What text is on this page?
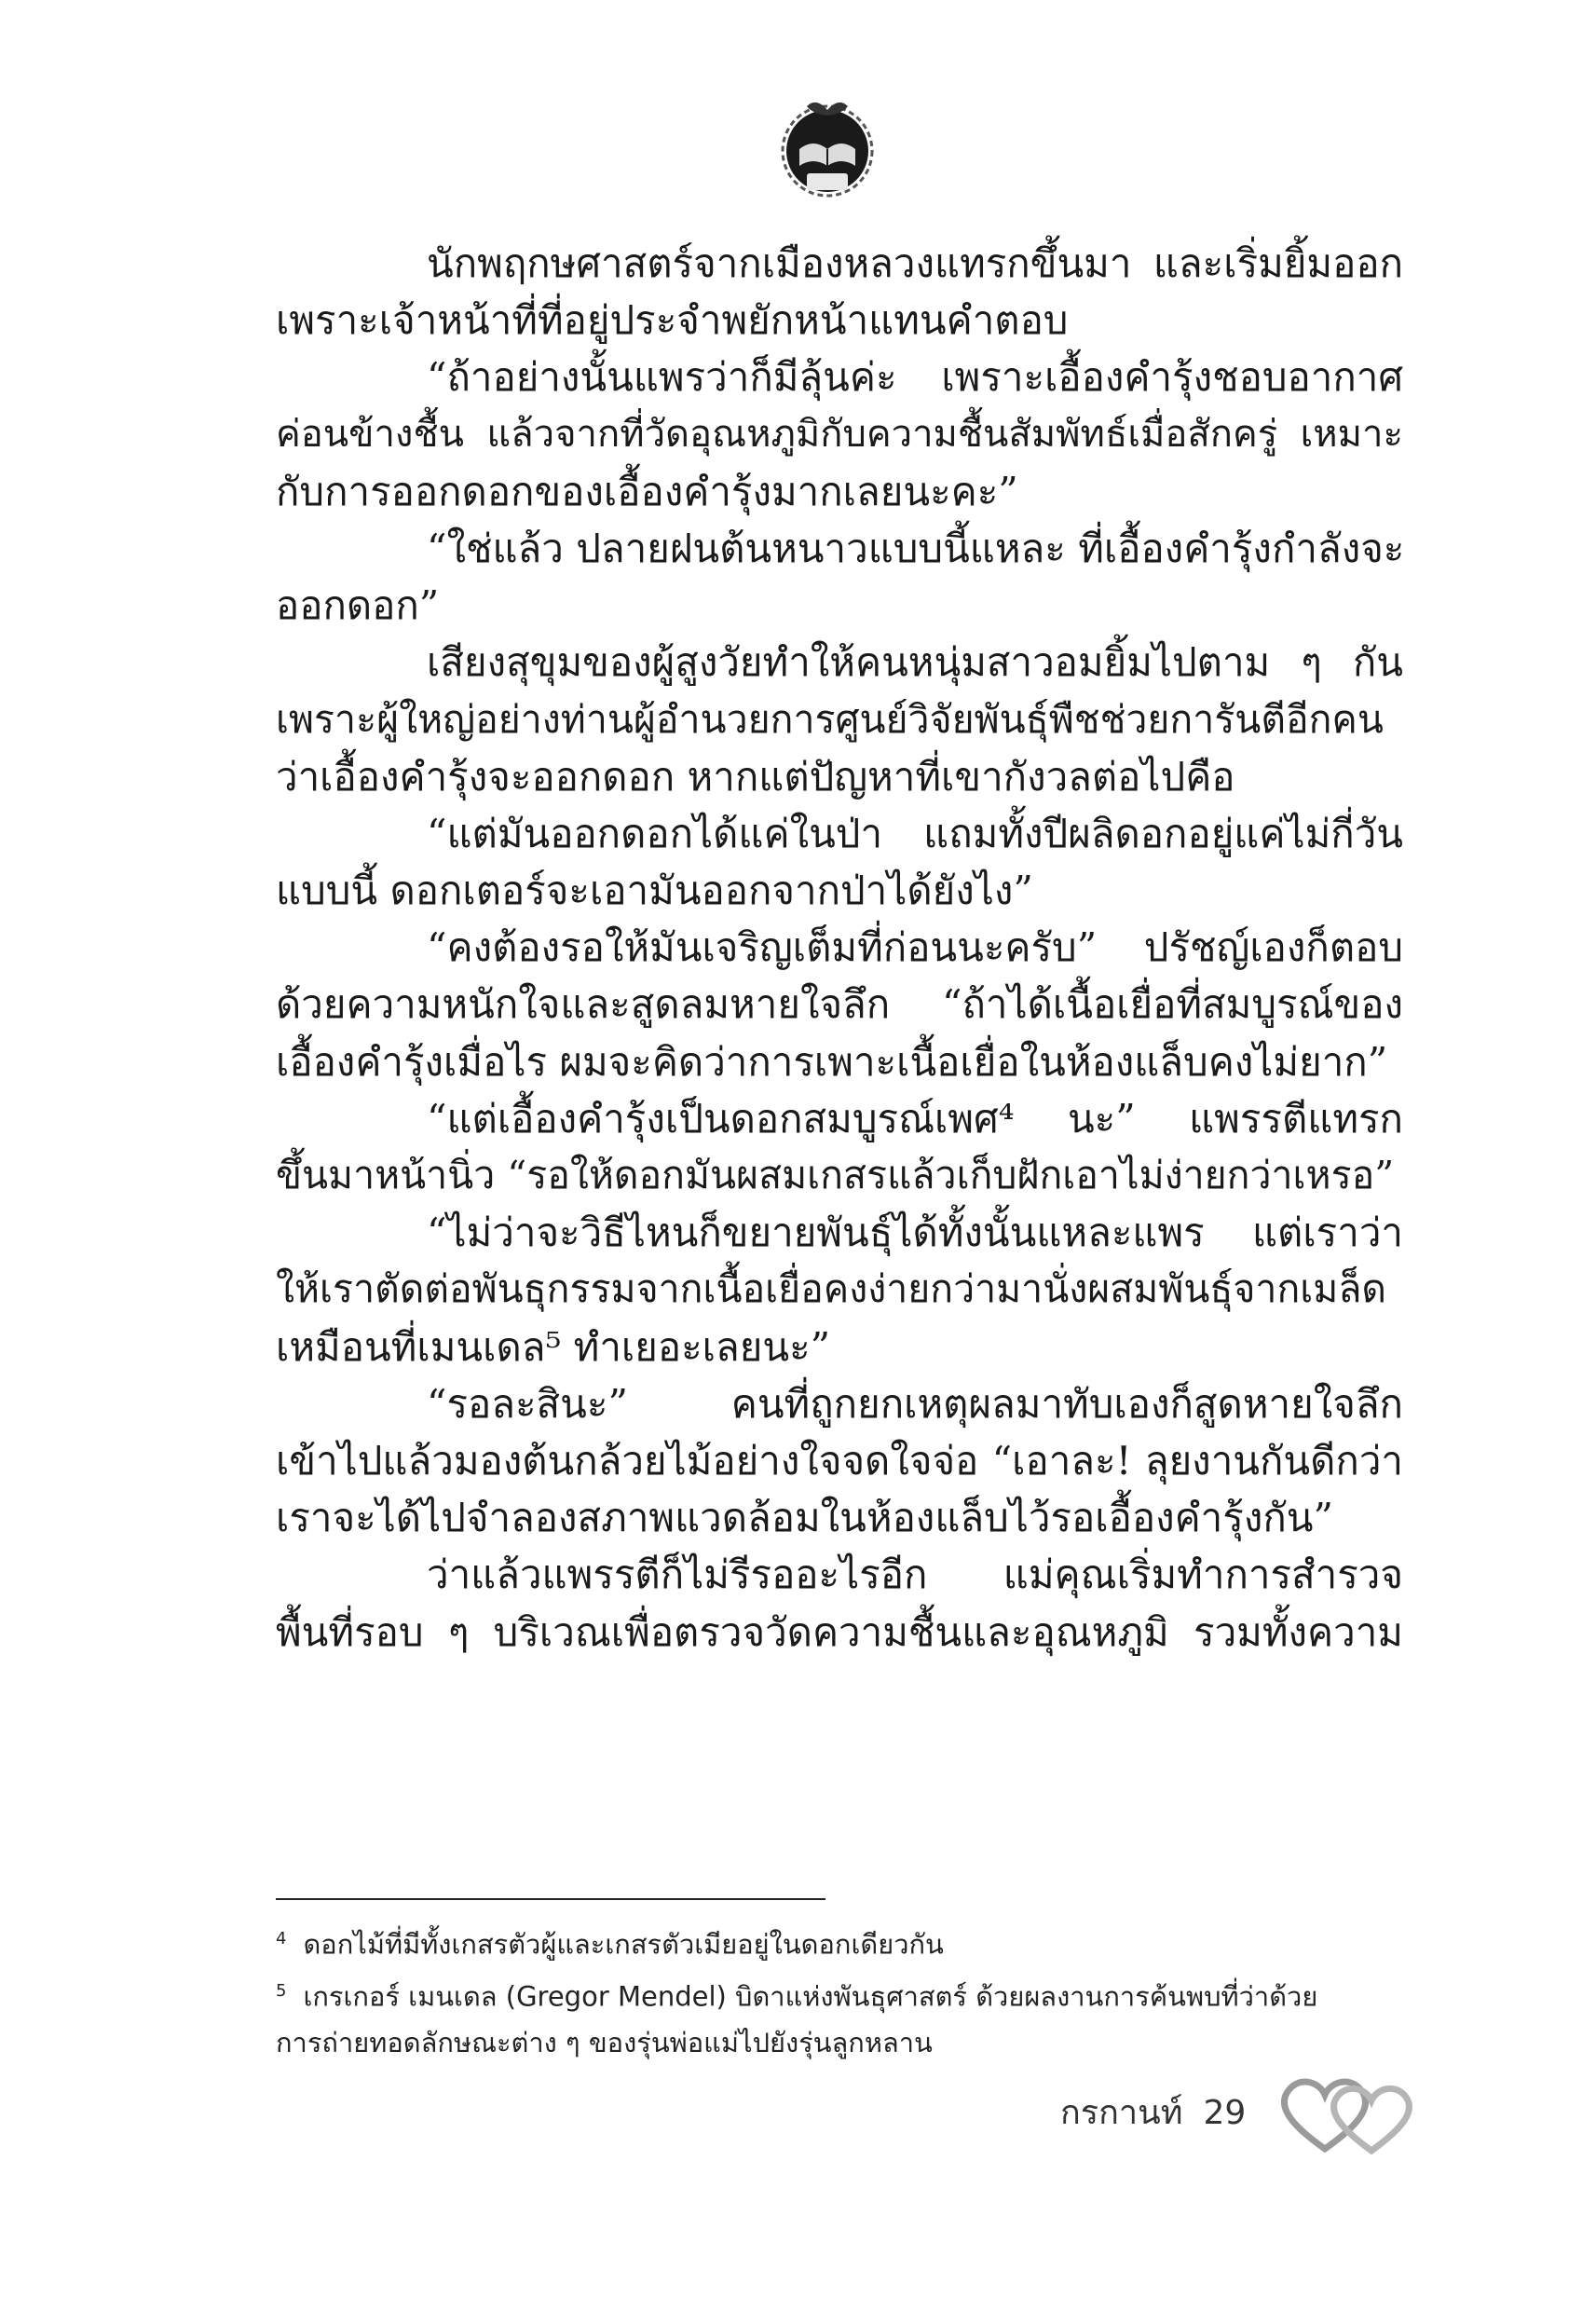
นักพฤกษศาสตร์จากเมืองหลวงแทรกขึ้นมา และเริ่มยิ้มออก
เพราะเจ้าหน้าที่ที่อยู่ประจำพยักหน้าแทนคำตอบ
“ถ้าอย่างนั้นแพรว่าก็มีลุ้นค่ะ เพราะเอื้องคำรุ้งชอบอากาศ
ค่อนข้างชื้น แล้วจากที่วัดอุณหภูมิกับความชื้นสัมพัทธ์เมื่อสักครู่ เหมาะ
กับการออกดอกของเอื้องคำรุ้งมากเลยนะคะ”
“ใช่แล้ว ปลายฝนต้นหนาวแบบนี้แหละ ที่เอื้องคำรุ้งกำลังจะ
ออกดอก”
เสียงสุขุมของผู้สูงวัยทำให้คนหนุ่มสาวอมยิ้มไปตาม ๆ กัน
เพราะผู้ใหญ่อย่างท่านผู้อำนวยการศูนย์วิจัยพันธุ์พืชช่วยการันตีอีกคน
ว่าเอื้องคำรุ้งจะออกดอก หากแต่ปัญหาที่เขากังวลต่อไปคือ
“แต่มันออกดอกได้แค่ในป่า แถมทั้งปีผลิดอกอยู่แค่ไม่กี่วัน
แบบนี้ ดอกเตอร์จะเอามันออกจากป่าได้ยังไง”
“คงต้องรอให้มันเจริญเต็มที่ก่อนนะครับ” ปรัชญ์เองก็ตอบ
ด้วยความหนักใจและสูดลมหายใจลึก “ถ้าได้เนื้อเยื่อที่สมบูรณ์ของ
เอื้องคำรุ้งเมื่อไร ผมจะคิดว่าการเพาะเนื้อเยื่อในห้องแล็บคงไม่ยาก”
“แต่เอื้องคำรุ้งเป็นดอกสมบูรณ์เพศ⁴ นะ” แพรรตีแทรก
ขึ้นมาหน้านิ่ว “รอให้ดอกมันผสมเกสรแล้วเก็บฝักเอาไม่ง่ายกว่าเหรอ”
“ไม่ว่าจะวิธีไหนก็ขยายพันธุ์ได้ทั้งนั้นแหละแพร แต่เราว่า
ให้เราตัดต่อพันธุกรรมจากเนื้อเยื่อคงง่ายกว่ามานั่งผสมพันธุ์จากเมล็ด
เหมือนที่เมนเดล⁵ ทำเยอะเลยนะ”
“รอละสินะ” คนที่ถูกยกเหตุผลมาทับเองก็สูดหายใจลึก
เข้าไปแล้วมองต้นกล้วยไม้อย่างใจจดใจจ่อ “เอาละ! ลุยงานกันดีกว่า
เราจะได้ไปจำลองสภาพแวดล้อมในห้องแล็บไว้รอเอื้องคำรุ้งกัน”
ว่าแล้วแพรรตีก็ไม่รีรออะไรอีก แม่คุณเริ่มทำการสำรวจ
พื้นที่รอบ ๆ บริเวณเพื่อตรวจวัดความชื้นและอุณหภูมิ รวมทั้งความ
$^4$ ดอกไม้ที่มีทั้งเกสรตัวผู้และเกสรตัวเมียอยู่ในดอกเดียวกัน
$^5$ เกรเกอร์ เมนเดล (Gregor Mendel) บิดาแห่งพันธุศาสตร์ ด้วยผลงานการค้นพบที่ว่าด้วย
การถ่ายทอดลักษณะต่าง ๆ ของรุ่นพ่อแม่ไปยังรุ่นลูกหลาน
กรกานท์ 29
